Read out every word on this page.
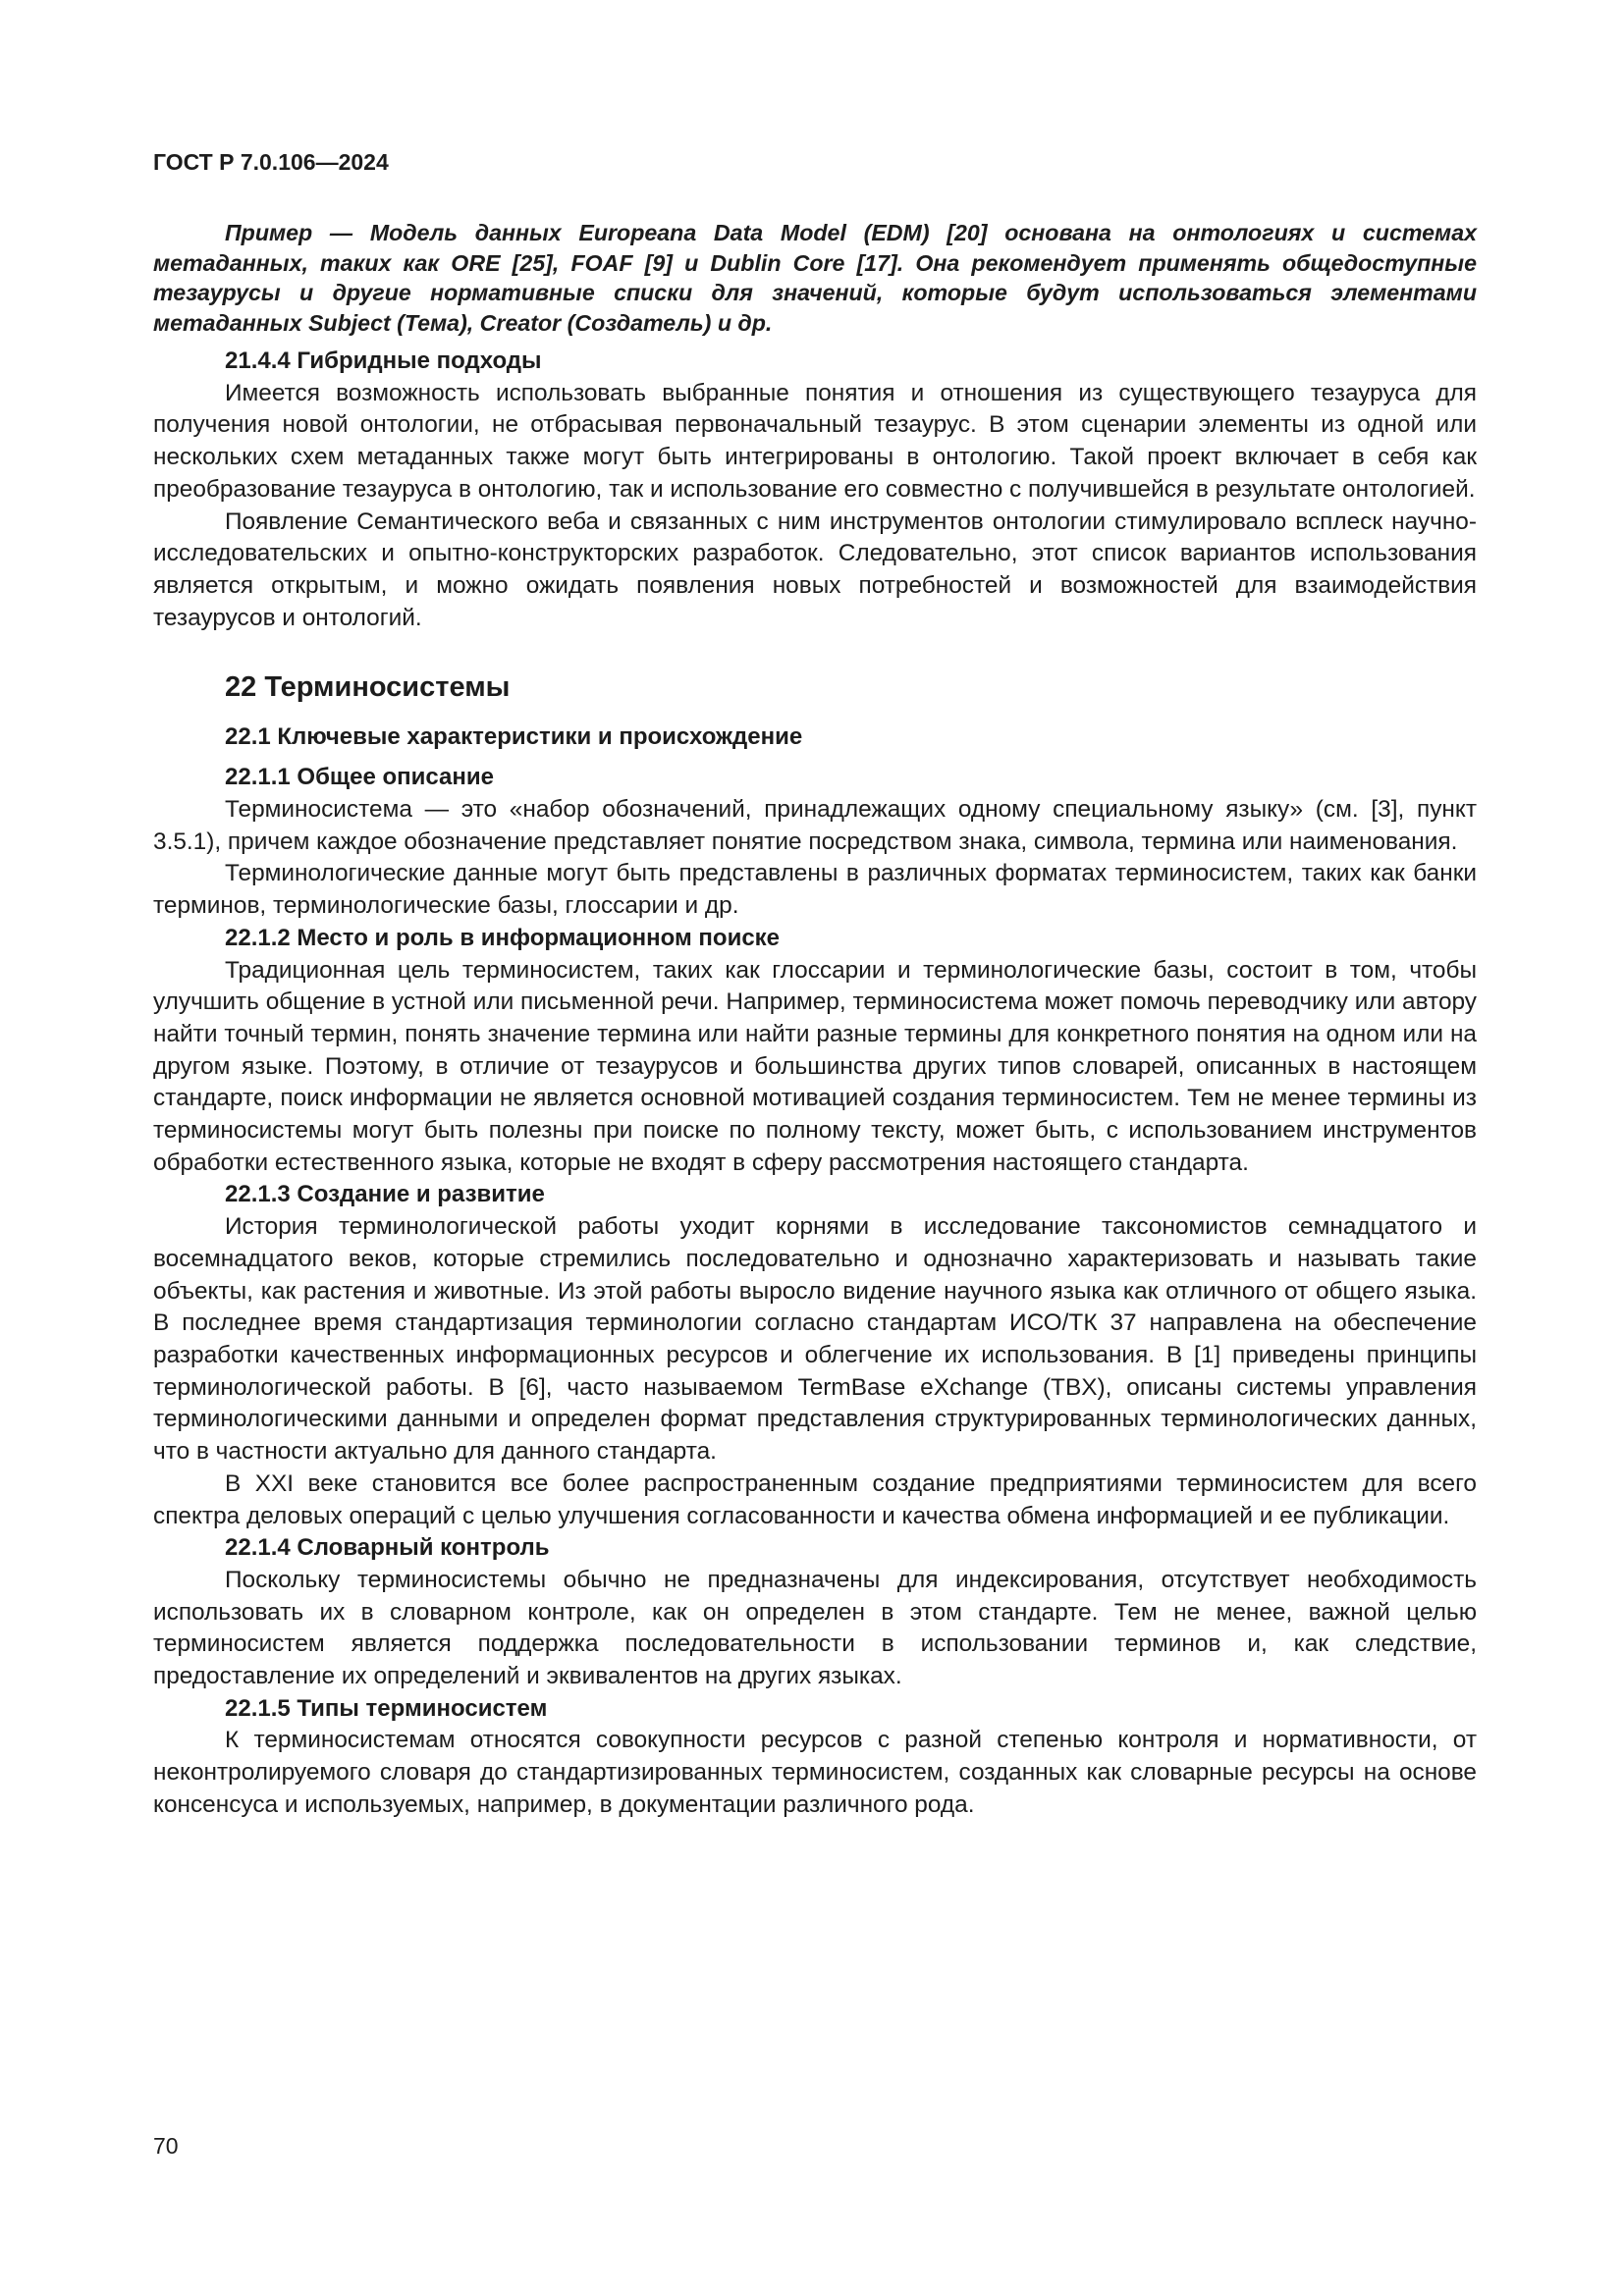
ГОСТ Р 7.0.106—2024

Пример — Модель данных Europeana Data Model (EDM) [20] основана на онтологиях и системах метаданных, таких как ORE [25], FOAF [9] и Dublin Core [17]. Она рекомендует применять общедоступные тезаурусы и другие нормативные списки для значений, которые будут использоваться элементами метаданных Subject (Тема), Creator (Создатель) и др.

21.4.4 Гибридные подходы

Имеется возможность использовать выбранные понятия и отношения из существующего тезауруса для получения новой онтологии, не отбрасывая первоначальный тезаурус. В этом сценарии элементы из одной или нескольких схем метаданных также могут быть интегрированы в онтологию. Такой проект включает в себя как преобразование тезауруса в онтологию, так и использование его совместно с получившейся в результате онтологией.

Появление Семантического веба и связанных с ним инструментов онтологии стимулировало всплеск научно-исследовательских и опытно-конструкторских разработок. Следовательно, этот список вариантов использования является открытым, и можно ожидать появления новых потребностей и возможностей для взаимодействия тезаурусов и онтологий.

22 Терминосистемы
22.1 Ключевые характеристики и происхождение
22.1.1 Общее описание

Терминосистема — это «набор обозначений, принадлежащих одному специальному языку» (см. [3], пункт 3.5.1), причем каждое обозначение представляет понятие посредством знака, символа, термина или наименования.

Терминологические данные могут быть представлены в различных форматах терминосистем, таких как банки терминов, терминологические базы, глоссарии и др.

22.1.2 Место и роль в информационном поиске

Традиционная цель терминосистем, таких как глоссарии и терминологические базы, состоит в том, чтобы улучшить общение в устной или письменной речи. Например, терминосистема может помочь переводчику или автору найти точный термин, понять значение термина или найти разные термины для конкретного понятия на одном или на другом языке. Поэтому, в отличие от тезаурусов и большинства других типов словарей, описанных в настоящем стандарте, поиск информации не является основной мотивацией создания терминосистем. Тем не менее термины из терминосистемы могут быть полезны при поиске по полному тексту, может быть, с использованием инструментов обработки естественного языка, которые не входят в сферу рассмотрения настоящего стандарта.

22.1.3 Создание и развитие

История терминологической работы уходит корнями в исследование таксономистов семнадцатого и восемнадцатого веков, которые стремились последовательно и однозначно характеризовать и называть такие объекты, как растения и животные. Из этой работы выросло видение научного языка как отличного от общего языка. В последнее время стандартизация терминологии согласно стандартам ИСО/ТК 37 направлена на обеспечение разработки качественных информационных ресурсов и облегчение их использования. В [1] приведены принципы терминологической работы. В [6], часто называемом TermBase eXchange (TBX), описаны системы управления терминологическими данными и определен формат представления структурированных терминологических данных, что в частности актуально для данного стандарта.

В XXI веке становится все более распространенным создание предприятиями терминосистем для всего спектра деловых операций с целью улучшения согласованности и качества обмена информацией и ее публикации.

22.1.4 Словарный контроль

Поскольку терминосистемы обычно не предназначены для индексирования, отсутствует необходимость использовать их в словарном контроле, как он определен в этом стандарте. Тем не менее, важной целью терминосистем является поддержка последовательности в использовании терминов и, как следствие, предоставление их определений и эквивалентов на других языках.

22.1.5 Типы терминосистем

К терминосистемам относятся совокупности ресурсов с разной степенью контроля и нормативности, от неконтролируемого словаря до стандартизированных терминосистем, созданных как словарные ресурсы на основе консенсуса и используемых, например, в документации различного рода.

70
